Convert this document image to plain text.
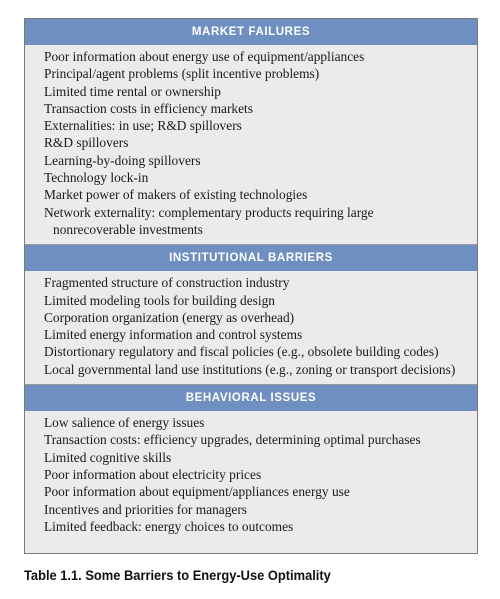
MARKET FAILURES
Poor information about energy use of equipment/appliances
Principal/agent problems (split incentive problems)
Limited time rental or ownership
Transaction costs in efficiency markets
Externalities: in use; R&D spillovers
R&D spillovers
Learning-by-doing spillovers
Technology lock-in
Market power of makers of existing technologies
Network externality: complementary products requiring large
nonrecoverable investments
INSTITUTIONAL BARRIERS
Fragmented structure of construction industry
Limited modeling tools for building design
Corporation organization (energy as overhead)
Limited energy information and control systems
Distortionary regulatory and fiscal policies (e.g., obsolete building codes)
Local governmental land use institutions (e.g., zoning or transport decisions)
BEHAVIORAL ISSUES
Low salience of energy issues
Transaction costs: efficiency upgrades, determining optimal purchases
Limited cognitive skills
Poor information about electricity prices
Poor information about equipment/appliances energy use
Incentives and priorities for managers
Limited feedback: energy choices to outcomes
Table 1.1. Some Barriers to Energy-Use Optimality
